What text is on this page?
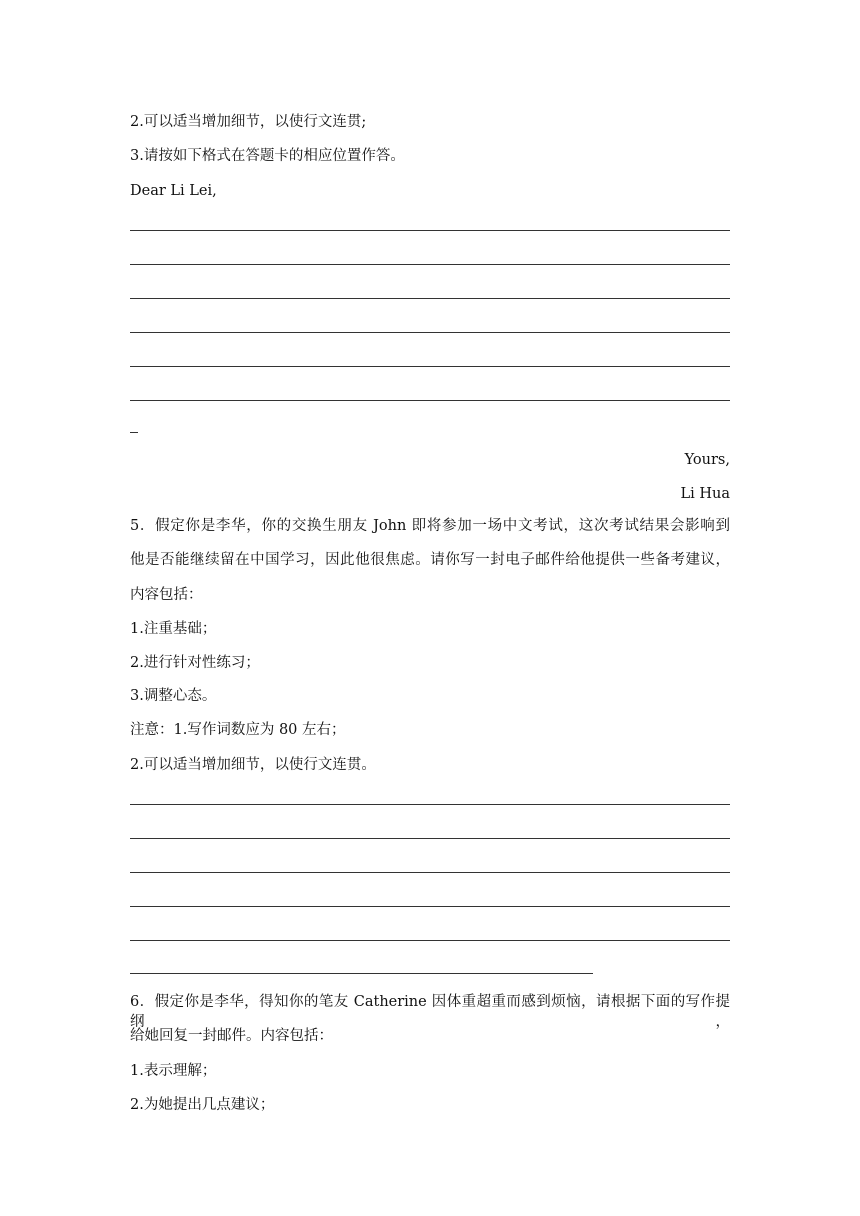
2.可以适当增加细节，以使行文连贯;
3.请按如下格式在答题卡的相应位置作答。
Dear Li Lei,
Yours,
Li Hua
5．假定你是李华，你的交换生朋友 John 即将参加一场中文考试，这次考试结果会影响到
他是否能继续留在中国学习，因此他很焦虑。请你写一封电子邮件给他提供一些备考建议，
内容包括：
1.注重基础；
2.进行针对性练习；
3.调整心态。
注意：1.写作词数应为 80 左右；
2.可以适当增加细节，以使行文连贯。
6．假定你是李华，得知你的笔友 Catherine 因体重超重而感到烦恼，请根据下面的写作提纲，
给她回复一封邮件。内容包括：
1.表示理解；
2.为她提出几点建议；
